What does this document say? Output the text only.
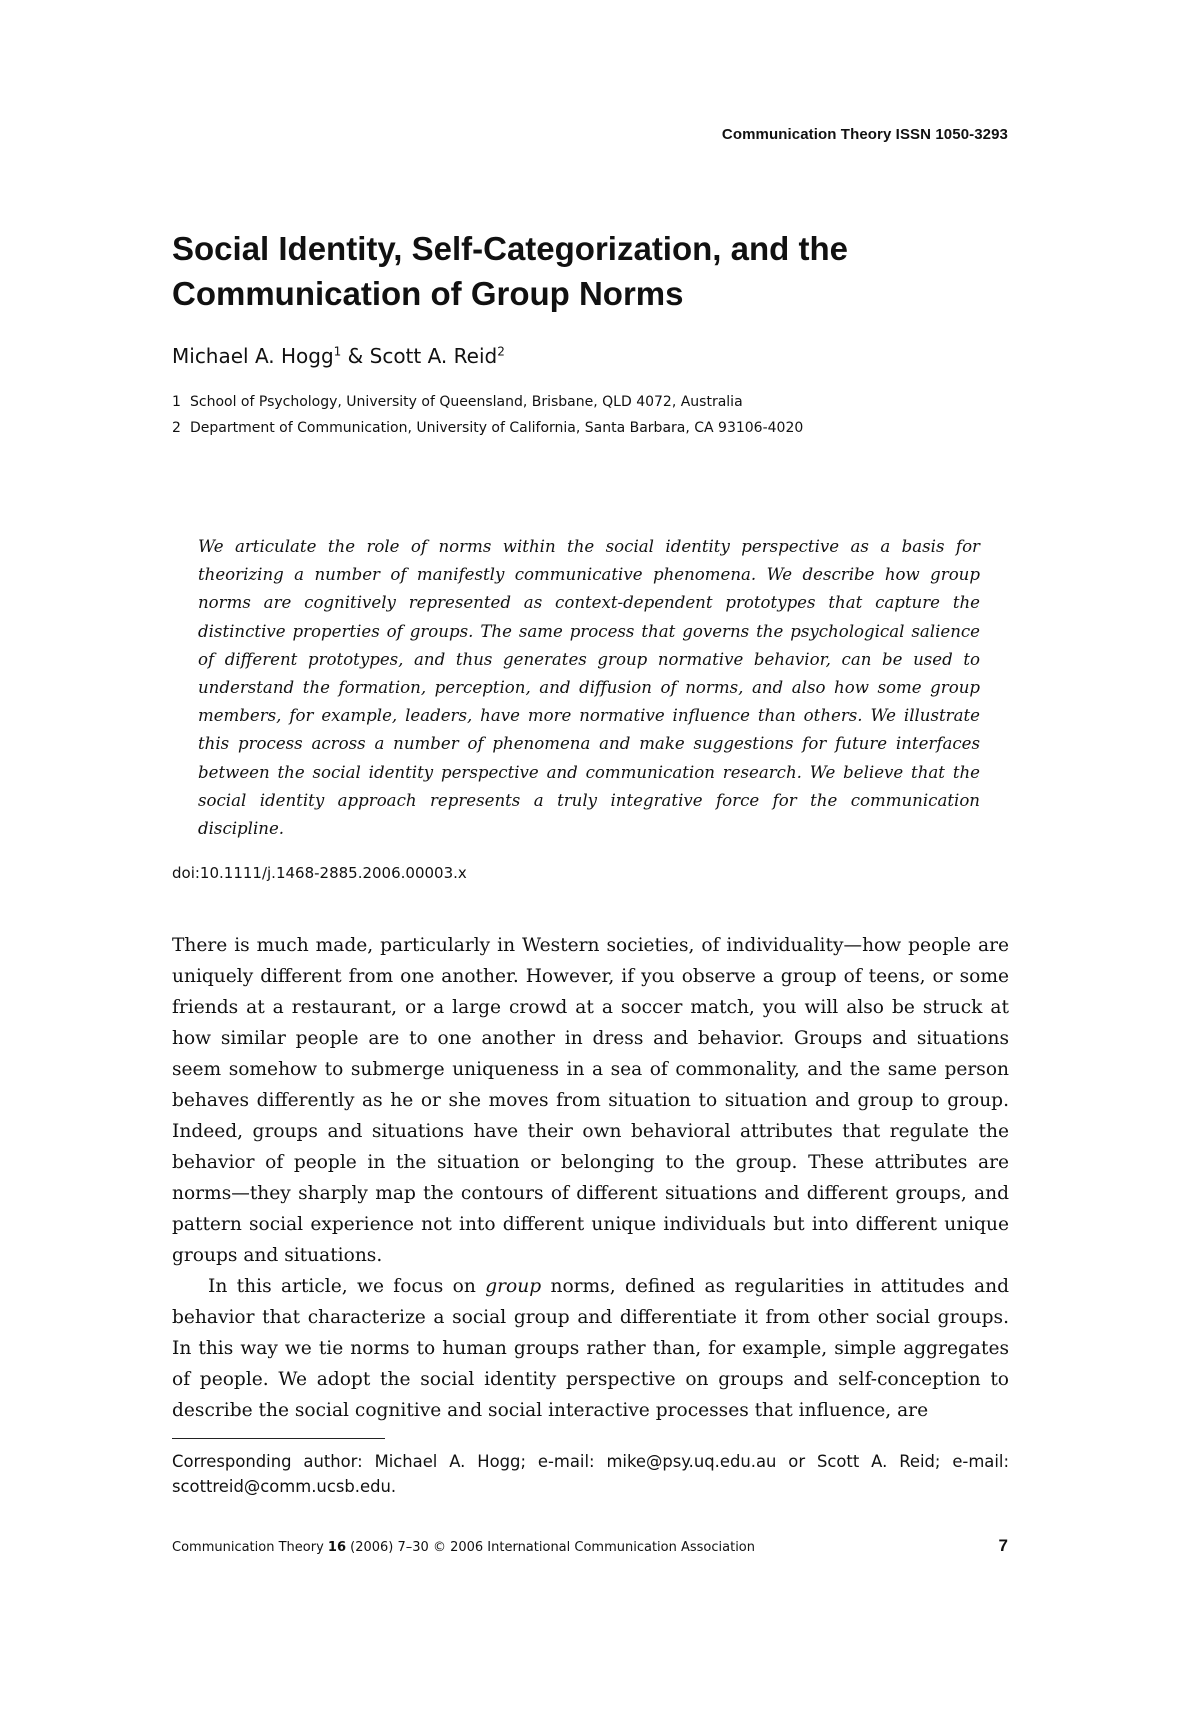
Communication Theory ISSN 1050-3293
Social Identity, Self-Categorization, and the Communication of Group Norms
Michael A. Hogg$^1$ & Scott A. Reid$^2$
1 School of Psychology, University of Queensland, Brisbane, QLD 4072, Australia
2 Department of Communication, University of California, Santa Barbara, CA 93106-4020

We articulate the role of norms within the social identity perspective as a basis for theorizing a number of manifestly communicative phenomena. We describe how group norms are cognitively represented as context-dependent prototypes that capture the distinctive properties of groups. The same process that governs the psychological salience of different prototypes, and thus generates group normative behavior, can be used to understand the formation, perception, and diffusion of norms, and also how some group members, for example, leaders, have more normative influence than others. We illustrate this process across a number of phenomena and make suggestions for future interfaces between the social identity perspective and communication research. We believe that the social identity approach represents a truly integrative force for the communication discipline.

doi:10.1111/j.1468-2885.2006.00003.x

There is much made, particularly in Western societies, of individuality—how people are uniquely different from one another. However, if you observe a group of teens, or some friends at a restaurant, or a large crowd at a soccer match, you will also be struck at how similar people are to one another in dress and behavior. Groups and situations seem somehow to submerge uniqueness in a sea of commonality, and the same person behaves differently as he or she moves from situation to situation and group to group. Indeed, groups and situations have their own behavioral attributes that regulate the behavior of people in the situation or belonging to the group. These attributes are norms—they sharply map the contours of different situations and different groups, and pattern social experience not into different unique individuals but into different unique groups and situations.

In this article, we focus on group norms, defined as regularities in attitudes and behavior that characterize a social group and differentiate it from other social groups. In this way we tie norms to human groups rather than, for example, simple aggregates of people. We adopt the social identity perspective on groups and self-conception to describe the social cognitive and social interactive processes that influence, are

Corresponding author: Michael A. Hogg; e-mail: mike@psy.uq.edu.au or Scott A. Reid; e-mail: scottreid@comm.ucsb.edu.

Communication Theory 16 (2006) 7–30 © 2006 International Communication Association	7
